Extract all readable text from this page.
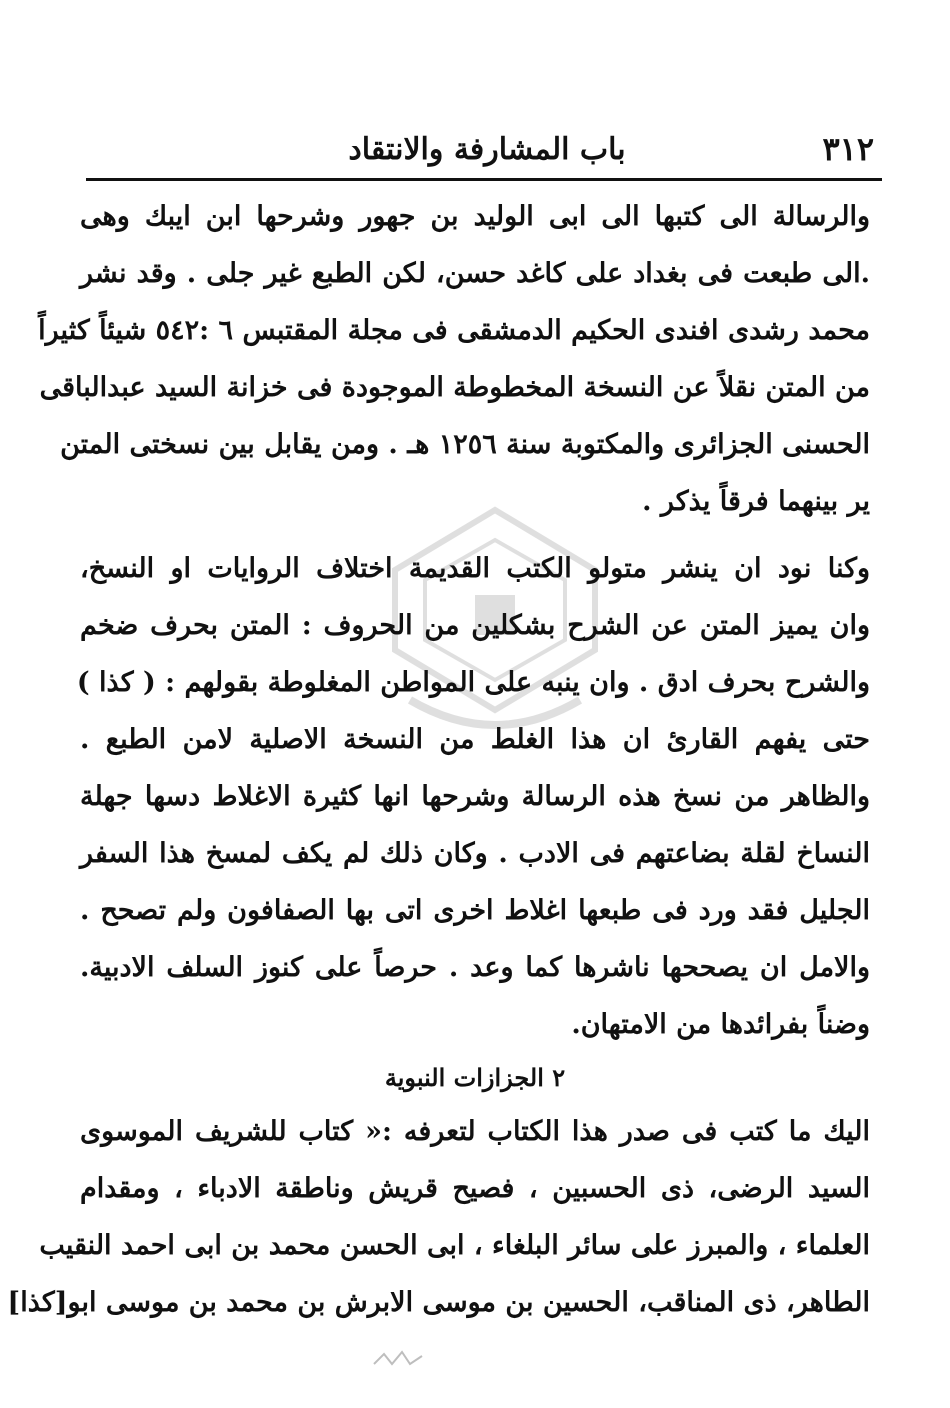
٣١٢
باب المشارفة والانتقاد
والرسالة الى كتبها الى ابى الوليد بن جهور وشرحها ابن ايبك وهى
.الى طبعت فى بغداد على كاغد حسن، لكن الطبع غير جلى . وقد نشر
محمد رشدى افندى الحكيم الدمشقى فى مجلة المقتبس ٦ :٥٤٢ شيئاً كثيراً
من المتن نقلاً عن النسخة المخطوطة الموجودة فى خزانة السيد عبدالباقى
الحسنى الجزائرى والمكتوبة سنة ١٢٥٦ هـ . ومن يقابل بين نسختى المتن
ير بينهما فرقاً يذكر .
وكنا نود ان ينشر متولو الكتب القديمة اختلاف الروايات او النسخ،
وان يميز المتن عن الشرح بشكلين من الحروف : المتن بحرف ضخم
والشرح بحرف ادق . وان ينبه على المواطن المغلوطة بقولهم : ( كذا )
حتى يفهم القارئ ان هذا الغلط من النسخة الاصلية لامن الطبع .
والظاهر من نسخ هذه الرسالة وشرحها انها كثيرة الاغلاط دسها جهلة
النساخ لقلة بضاعتهم فى الادب . وكان ذلك لم يكف لمسخ هذا السفر
الجليل فقد ورد فى طبعها اغلاط اخرى اتى بها الصفافون ولم تصحح .
والامل ان يصححها ناشرها كما وعد . حرصاً على كنوز السلف الادبية.
وضناً بفرائدها من الامتهان.
٢ الجزازات النبوية
اليك ما كتب فى صدر هذا الكتاب لتعرفه :« كتاب للشريف الموسوى
السيد الرضى، ذى الحسبين ، فصيح قريش وناطقة الادباء ، ومقدام
العلماء ، والمبرز على سائر البلغاء ، ابى الحسن محمد بن ابى احمد النقيب
الطاهر، ذى المناقب، الحسين بن موسى الابرش بن محمد بن موسى ابو[كذا]
